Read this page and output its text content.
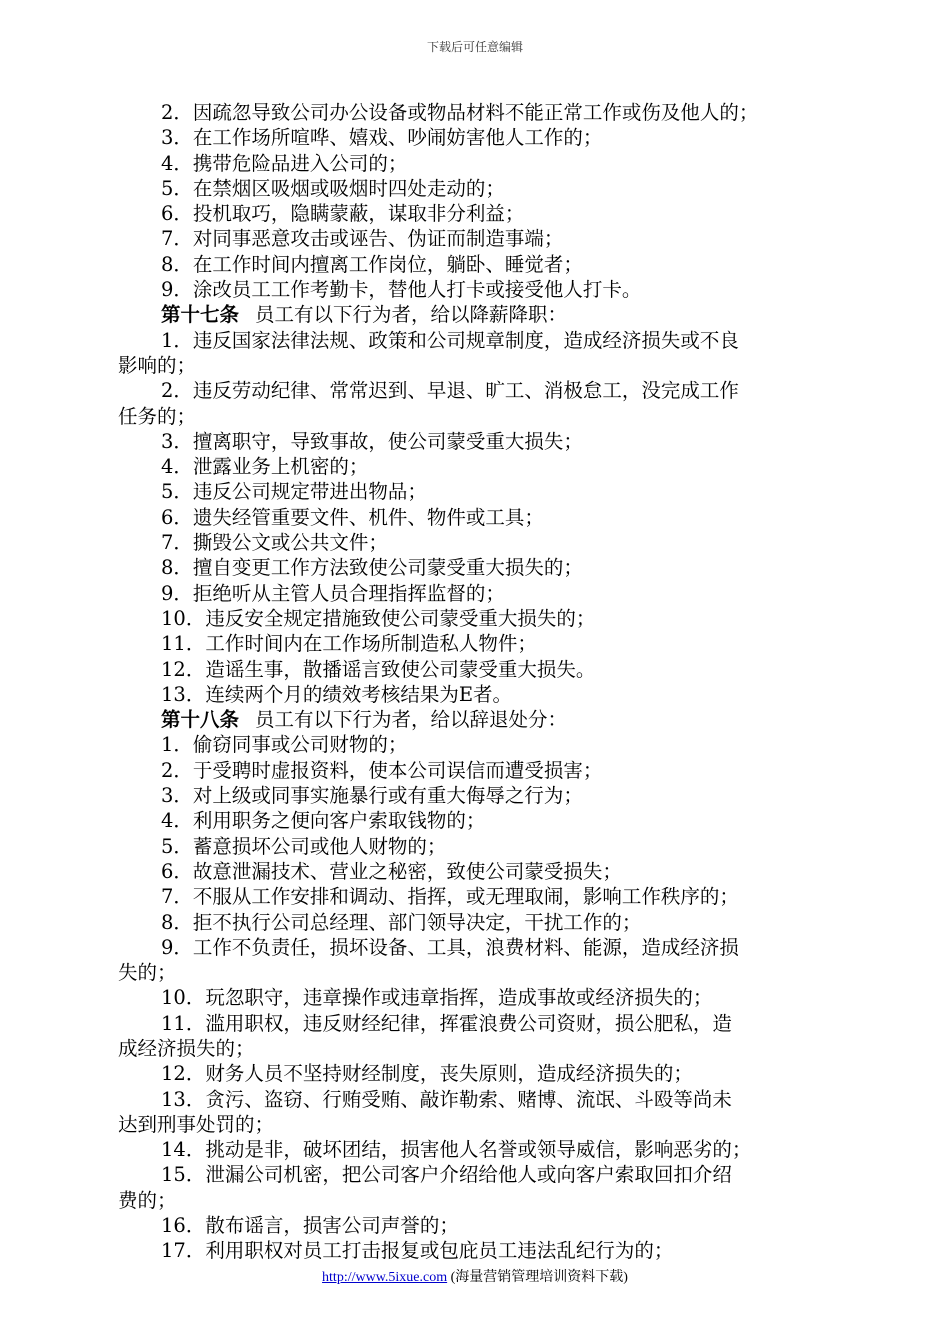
下载后可任意编辑
2．因疏忽导致公司办公设备或物品材料不能正常工作或伤及他人的；
3．在工作场所喧哗、嬉戏、吵闹妨害他人工作的；
4．携带危险品进入公司的；
5．在禁烟区吸烟或吸烟时四处走动的；
6．投机取巧，隐瞒蒙蔽，谋取非分利益；
7．对同事恶意攻击或诬告、伪证而制造事端；
8．在工作时间内擅离工作岗位，躺卧、睡觉者；
9．涂改员工工作考勤卡，替他人打卡或接受他人打卡。
第十七条 员工有以下行为者，给以降薪降职：
1．违反国家法律法规、政策和公司规章制度，造成经济损失或不良
影响的；
2．违反劳动纪律、常常迟到、早退、旷工、消极怠工，没完成工作
任务的；
3．擅离职守，导致事故，使公司蒙受重大损失；
4．泄露业务上机密的；
5．违反公司规定带进出物品；
6．遗失经管重要文件、机件、物件或工具；
7．撕毁公文或公共文件；
8．擅自变更工作方法致使公司蒙受重大损失的；
9．拒绝听从主管人员合理指挥监督的；
10．违反安全规定措施致使公司蒙受重大损失的；
11．工作时间内在工作场所制造私人物件；
12．造谣生事，散播谣言致使公司蒙受重大损失。
13．连续两个月的绩效考核结果为E者。
第十八条 员工有以下行为者，给以辞退处分：
1．偷窃同事或公司财物的；
2．于受聘时虚报资料，使本公司误信而遭受损害；
3．对上级或同事实施暴行或有重大侮辱之行为；
4．利用职务之便向客户索取钱物的；
5．蓄意损坏公司或他人财物的；
6．故意泄漏技术、营业之秘密，致使公司蒙受损失；
7．不服从工作安排和调动、指挥，或无理取闹，影响工作秩序的；
8．拒不执行公司总经理、部门领导决定，干扰工作的；
9．工作不负责任，损坏设备、工具，浪费材料、能源，造成经济损
失的；
10．玩忽职守，违章操作或违章指挥，造成事故或经济损失的；
11．滥用职权，违反财经纪律，挥霍浪费公司资财，损公肥私，造
成经济损失的；
12．财务人员不坚持财经制度，丧失原则，造成经济损失的；
13．贪污、盗窃、行贿受贿、敲诈勒索、赌博、流氓、斗殴等尚未
达到刑事处罚的；
14．挑动是非，破坏团结，损害他人名誉或领导威信，影响恶劣的；
15．泄漏公司机密，把公司客户介绍给他人或向客户索取回扣介绍
费的；
16．散布谣言，损害公司声誉的；
17．利用职权对员工打击报复或包庇员工违法乱纪行为的；
http://www.5ixue.com (海量营销管理培训资料下载)
